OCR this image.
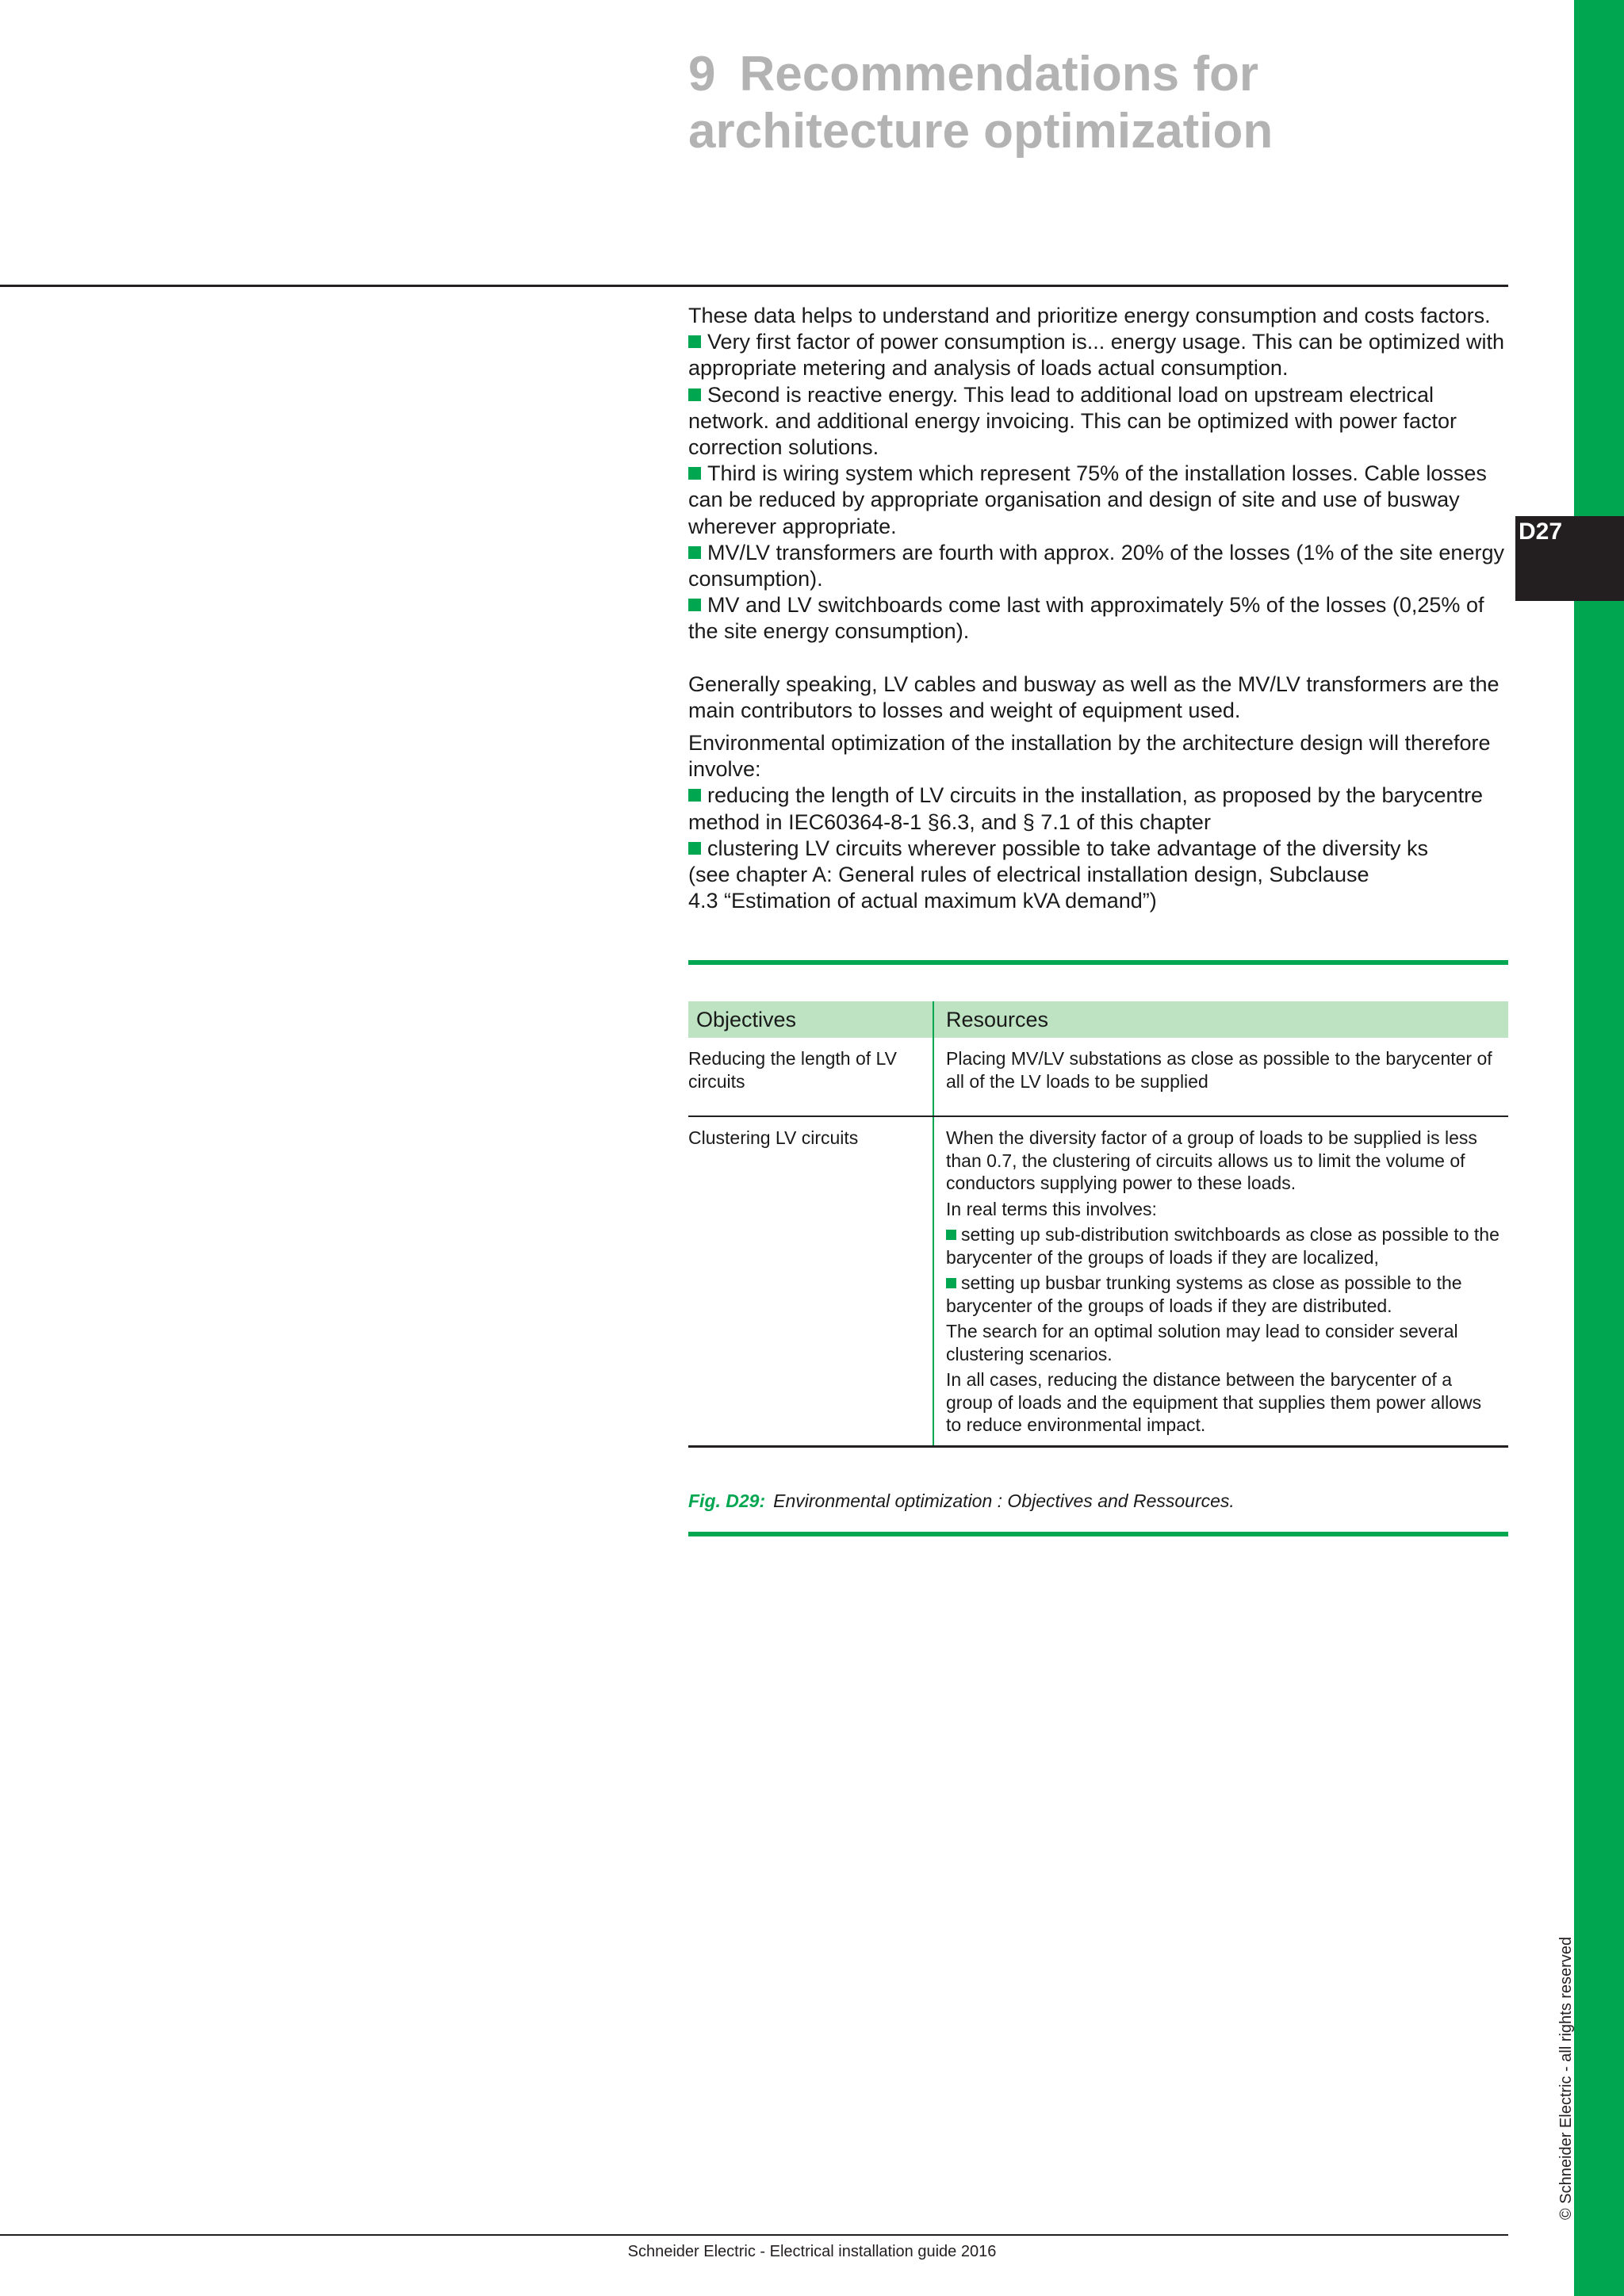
D27
© Schneider Electric - all rights reserved
9 Recommendations for
architecture optimization

These data helps to understand and prioritize energy consumption and costs factors.

Very first factor of power consumption is... energy usage. This can be optimized with appropriate metering and analysis of loads actual consumption.

Second is reactive energy. This lead to additional load on upstream electrical network. and additional energy invoicing. This can be optimized with power factor correction solutions.

Third is wiring system which represent 75% of the installation losses. Cable losses can be reduced by appropriate organisation and design of site and use of busway wherever appropriate.

MV/LV transformers are fourth with approx. 20% of the losses (1% of the site energy consumption).

MV and LV switchboards come last with approximately 5% of the losses (0,25% of the site energy consumption).

Generally speaking, LV cables and busway as well as the MV/LV transformers are the main contributors to losses and weight of equipment used.

Environmental optimization of the installation by the architecture design will therefore involve:

reducing the length of LV circuits in the installation, as proposed by the barycentre method in IEC60364-8-1 §6.3, and § 7.1 of this chapter

clustering LV circuits wherever possible to take advantage of the diversity ks

(see chapter A: General rules of electrical installation design, Subclause

4.3 “Estimation of actual maximum kVA demand”)

Objectives	Resources
Reducing the length of LV circuits

Placing MV/LV substations as close as possible to the barycenter of all of the LV loads to be supplied

Clustering LV circuits	When the diversity factor of a group of loads to be supplied is less than 0.7, the clustering of circuits allows us to limit the volume of conductors supplying power to these loads.

In real terms this involves:

setting up sub-distribution switchboards as close as possible to the barycenter of the groups of loads if they are localized,

setting up busbar trunking systems as close as possible to the barycenter of the groups of loads if they are distributed.

The search for an optimal solution may lead to consider several clustering scenarios.

In all cases, reducing the distance between the barycenter of a group of loads and the equipment that supplies them power allows to reduce environmental impact.

Fig. D29: Environmental optimization : Objectives and Ressources.
Schneider Electric - Electrical installation guide 2016
